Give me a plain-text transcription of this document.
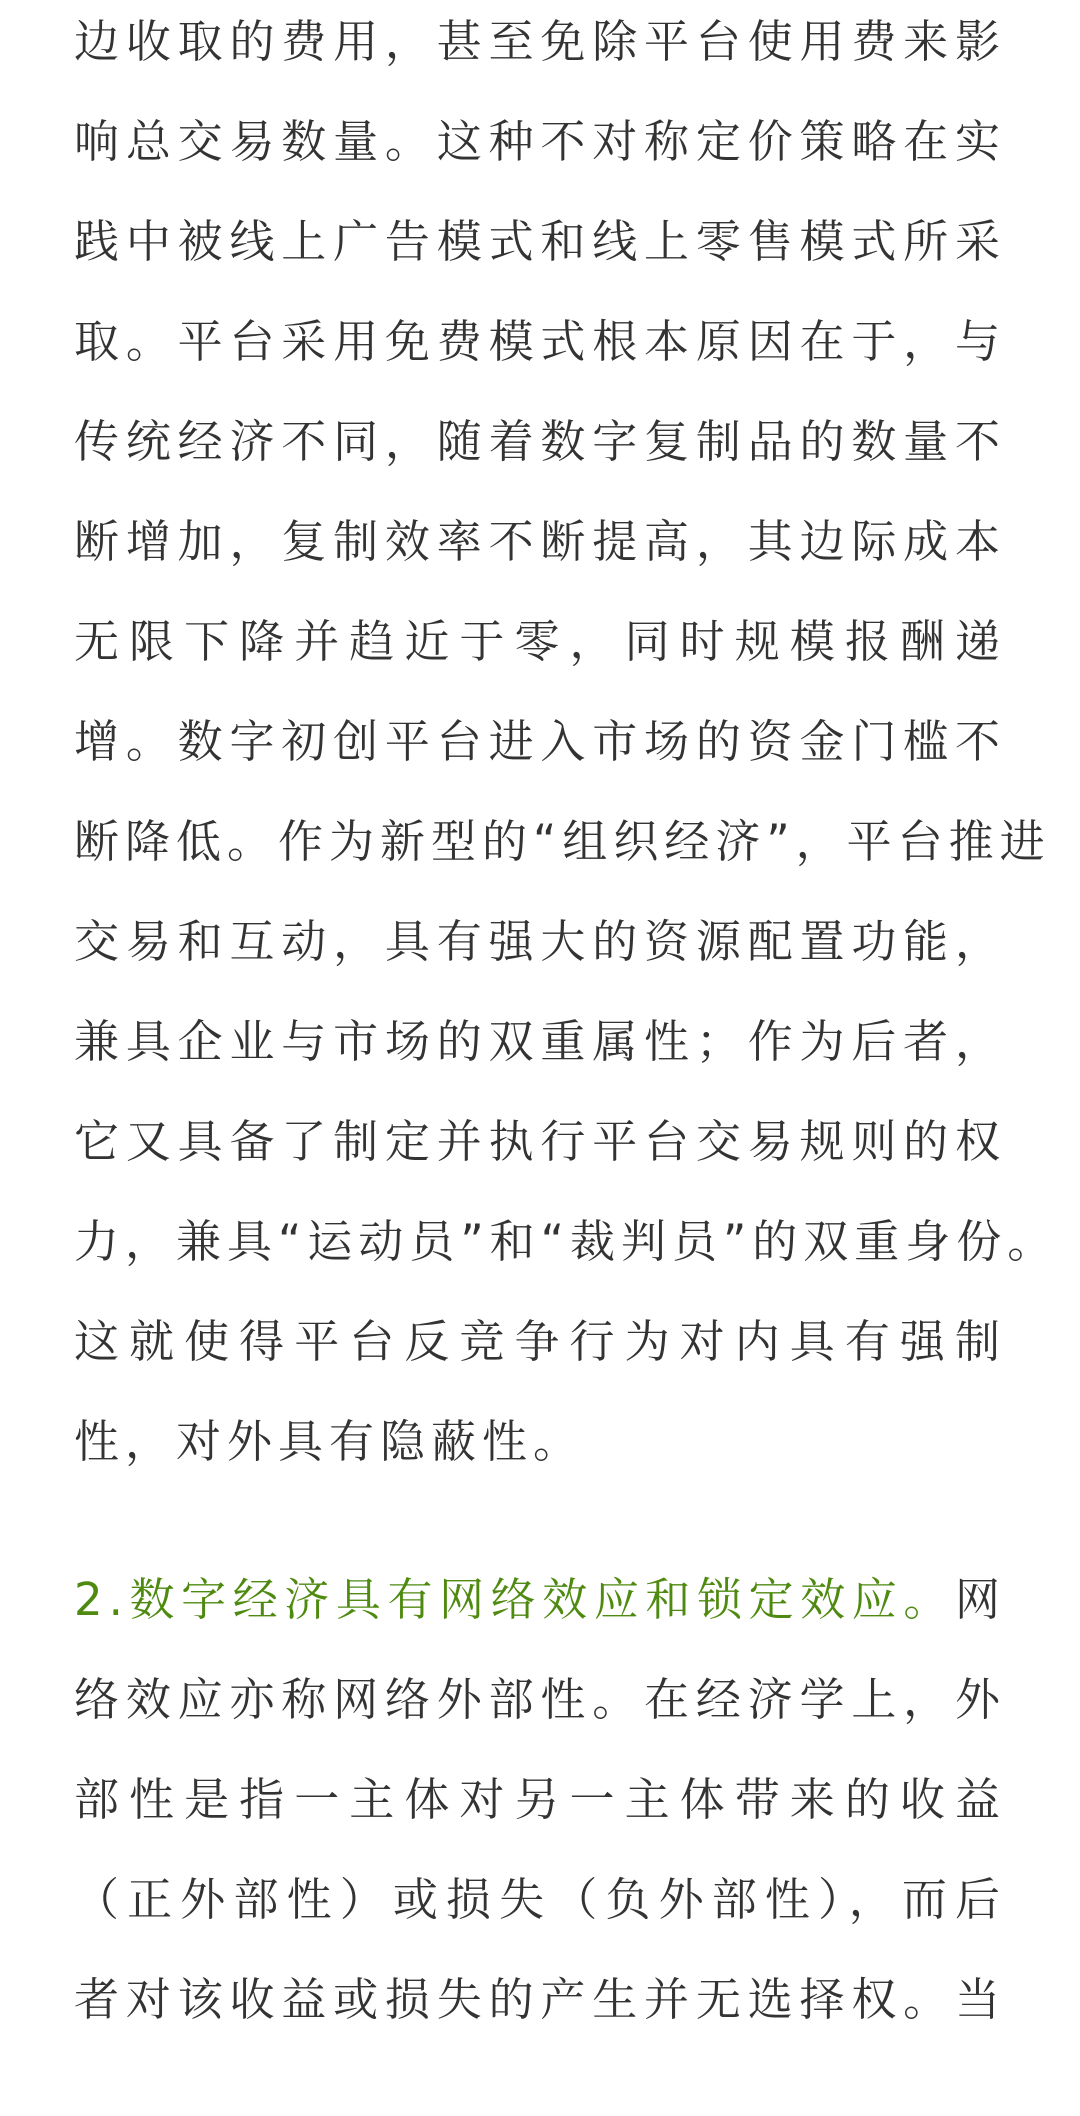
边收取的费用，甚至免除平台使用费来影
响总交易数量。这种不对称定价策略在实
践中被线上广告模式和线上零售模式所采
取。平台采用免费模式根本原因在于，与
传统经济不同，随着数字复制品的数量不
断增加，复制效率不断提高，其边际成本
无限下降并趋近于零，同时规模报酬递
增。数字初创平台进入市场的资金门槛不
断降低。作为新型的“组织经济”，平台推进
交易和互动，具有强大的资源配置功能，
兼具企业与市场的双重属性；作为后者，
它又具备了制定并执行平台交易规则的权
力，兼具“运动员”和“裁判员”的双重身份。
这就使得平台反竞争行为对内具有强制
性，对外具有隐蔽性。
2.数字经济具有网络效应和锁定效应。网
络效应亦称网络外部性。在经济学上，外
部性是指一主体对另一主体带来的收益
（正外部性）或损失（负外部性），而后
者对该收益或损失的产生并无选择权。当
